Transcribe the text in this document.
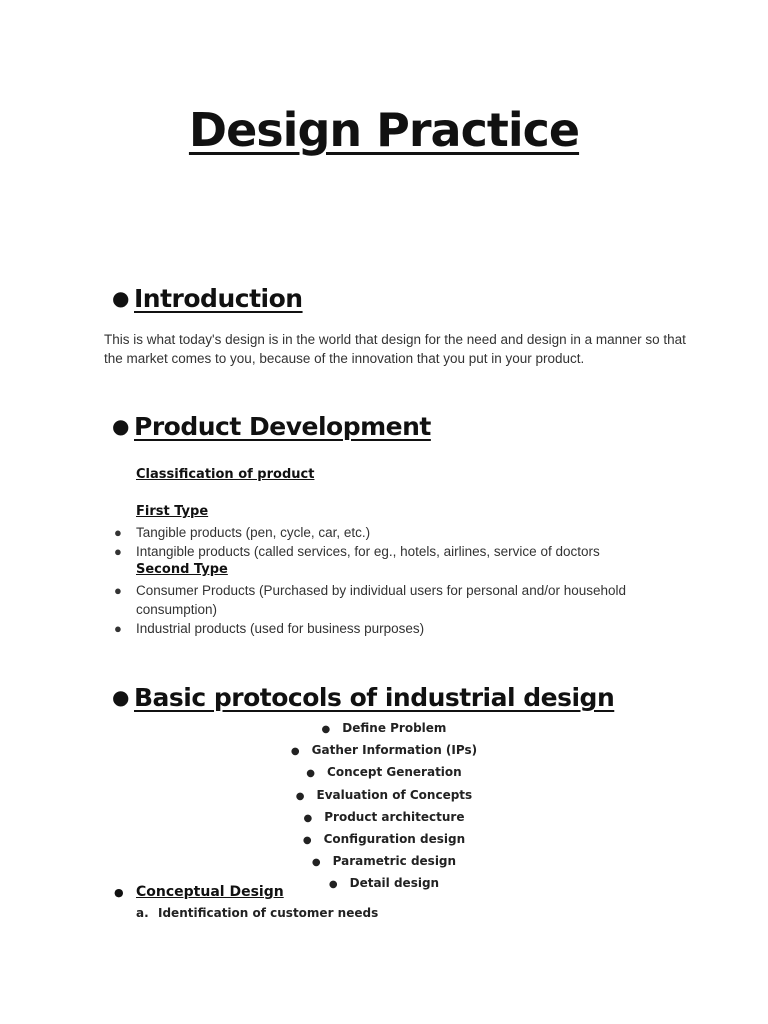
Design Practice
● Introduction
This is what today's design is in the world that design for the need and design in a manner so that the market comes to you, because of the innovation that you put in your product.
● Product Development
Classification of product
First Type
● Tangible products (pen, cycle, car, etc.)
● Intangible products (called services, for eg., hotels, airlines, service of doctors
Second Type
● Consumer Products (Purchased by individual users for personal and/or household consumption)
● Industrial products (used for business purposes)
● Basic protocols of industrial design
● Define Problem
● Gather Information (IPs)
● Concept Generation
● Evaluation of Concepts
● Product architecture
● Configuration design
● Parametric design
● Detail design
● Conceptual Design
a. Identification of customer needs
